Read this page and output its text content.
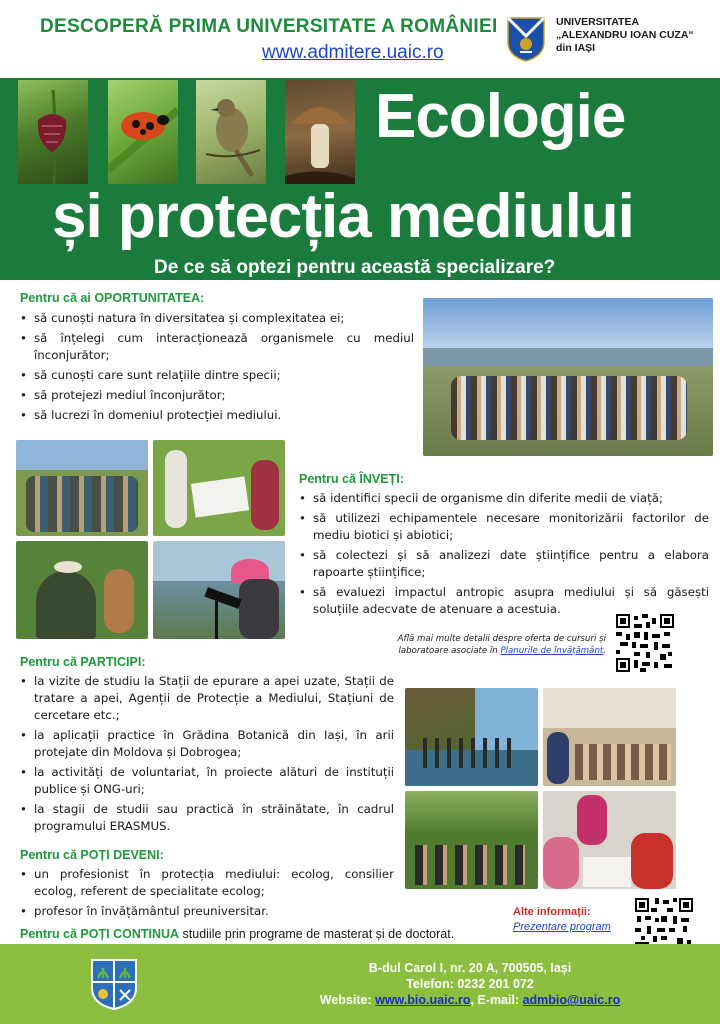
DESCOPERĂ PRIMA UNIVERSITATE A ROMÂNIEI
www.admitere.uaic.ro
UNIVERSITATEA
„ALEXANDRU IOAN CUZA“
din IAȘI
Ecologie
și protecția mediului
De ce să optezi pentru această specializare?
Pentru că ai OPORTUNITATEA:
• să cunoști natura în diversitatea și complexitatea ei;
• să înțelegi cum interacționează organismele cu mediul înconjurător;
• să cunoști care sunt relațiile dintre specii;
• să protejezi mediul înconjurător;
• să lucrezi în domeniul protecției mediului.
Pentru că ÎNVEȚI:
• să identifici specii de organisme din diferite medii de viață;
• să utilizezi echipamentele necesare monitorizării factorilor de mediu biotici și abiotici;
• să colectezi și să analizezi date științifice pentru a elabora rapoarte științifice;
• să evaluezi impactul antropic asupra mediului și să găsești soluțiile adecvate de atenuare a acestuia.
Află mai multe detalii despre oferta de cursuri și laboratoare asociate în Planurile de învățământ.
Pentru că PARTICIPI:
• la vizite de studiu la Stații de epurare a apei uzate, Stații de tratare a apei, Agenții de Protecție a Mediului, Stațiuni de cercetare etc.;
• la aplicații practice în Grădina Botanică din Iași, în arii protejate din Moldova și Dobrogea;
• la activități de voluntariat, în proiecte alături de instituții publice și ONG-uri;
• la stagii de studii sau practică în străinătate, în cadrul programului ERASMUS.
Pentru că POȚI DEVENI:
• un profesionist în protecția mediului: ecolog, consilier ecolog, referent de specialitate ecolog;
• profesor în învățământul preuniversitar.
Pentru că POȚI CONTINUA studiile prin programe de masterat și de doctorat.
Alte informații:
Prezentare program
B-dul Carol I, nr. 20 A, 700505, Iași
Telefon: 0232 201 072
Website: www.bio.uaic.ro, E-mail: admbio@uaic.ro
